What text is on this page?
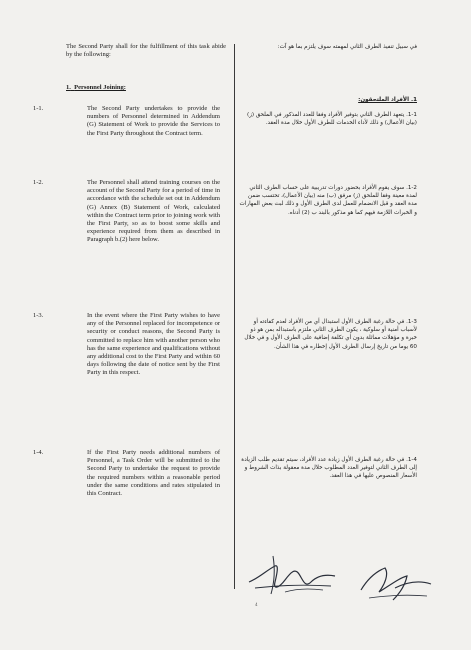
The Second Party shall for the fulfillment of this task abide by the following:

1. Personnel Joining:
1-1.	The Second Party undertakes to provide the numbers of Personnel determined in Addendum (G) Statement of Work to provide the Services to the First Party throughout the Contract term.

1-2.	The Personnel shall attend training courses on the account of the Second Party for a period of time in accordance with the schedule set out in Addendum (G) Annex (B) Statement of Work, calculated within the Contract term prior to joining work with the First Party, so as to boost some skills and experience required from them as described in Paragraph b.(2) here below.

1-3.	In the event where the First Party wishes to have any of the Personnel replaced for incompetence or security or conduct reasons, the Second Party is committed to replace him with another person who has the same experience and qualifications without any additional cost to the First Party and within 60 days following the date of notice sent by the First Party in this respect.

1-4.	If the First Party needs additional numbers of Personnel, a Task Order will be submitted to the Second Party to undertake the request to provide the required numbers within a reasonable period under the same conditions and rates stipulated in this Contract.

في سبيل تنفيذ الطرف الثاني لمهمته سوف يلتزم بما هو آت:
1. الأفراد الملتحقون:
1-1. يتعهد الطرف الثاني بتوفير الأفراد وفقا للعدد المذكور في الملحق (ز) (بيان الأعمال) و ذلك لأداء الخدمات للطرف الأول خلال مدة العقد.
1-2. سوف يقوم الأفراد بحضور دورات تدريبية على حساب الطرف الثاني لمدة معينة وفقا للملحق (ز) مرفق (ب) منه (بيان الأعمال)، تحتسب ضمن مدة العقد و قبل الانضمام للعمل لدى الطرف الأول و ذلك لبث بعض المهارات و الخبرات اللازمة فيهم كما هو مذكور بالبند ب (2) أدناه.
1-3. في حالة رغبة الطرف الأول استبدال أي من الأفراد لعدم كفاءته أو لأسباب أمنية أو سلوكية ، يكون الطرف الثاني ملتزم باستبداله بمن هو ذو خبرة و مؤهلات مماثلة بدون أي تكلفة إضافية على الطرف الأول و في خلال 60 يوما من تاريخ إرسال الطرف الأول إخطاره في هذا الشأن.
1-4. في حالة رغبة الطرف الأول زيادة عدد الأفراد، سيتم تقديم طلب الزيادة إلى الطرف الثاني لتوفير العدد المطلوب خلال مدة معقولة بذات الشروط و الأسعار المنصوص عليها في هذا العقد.
4
